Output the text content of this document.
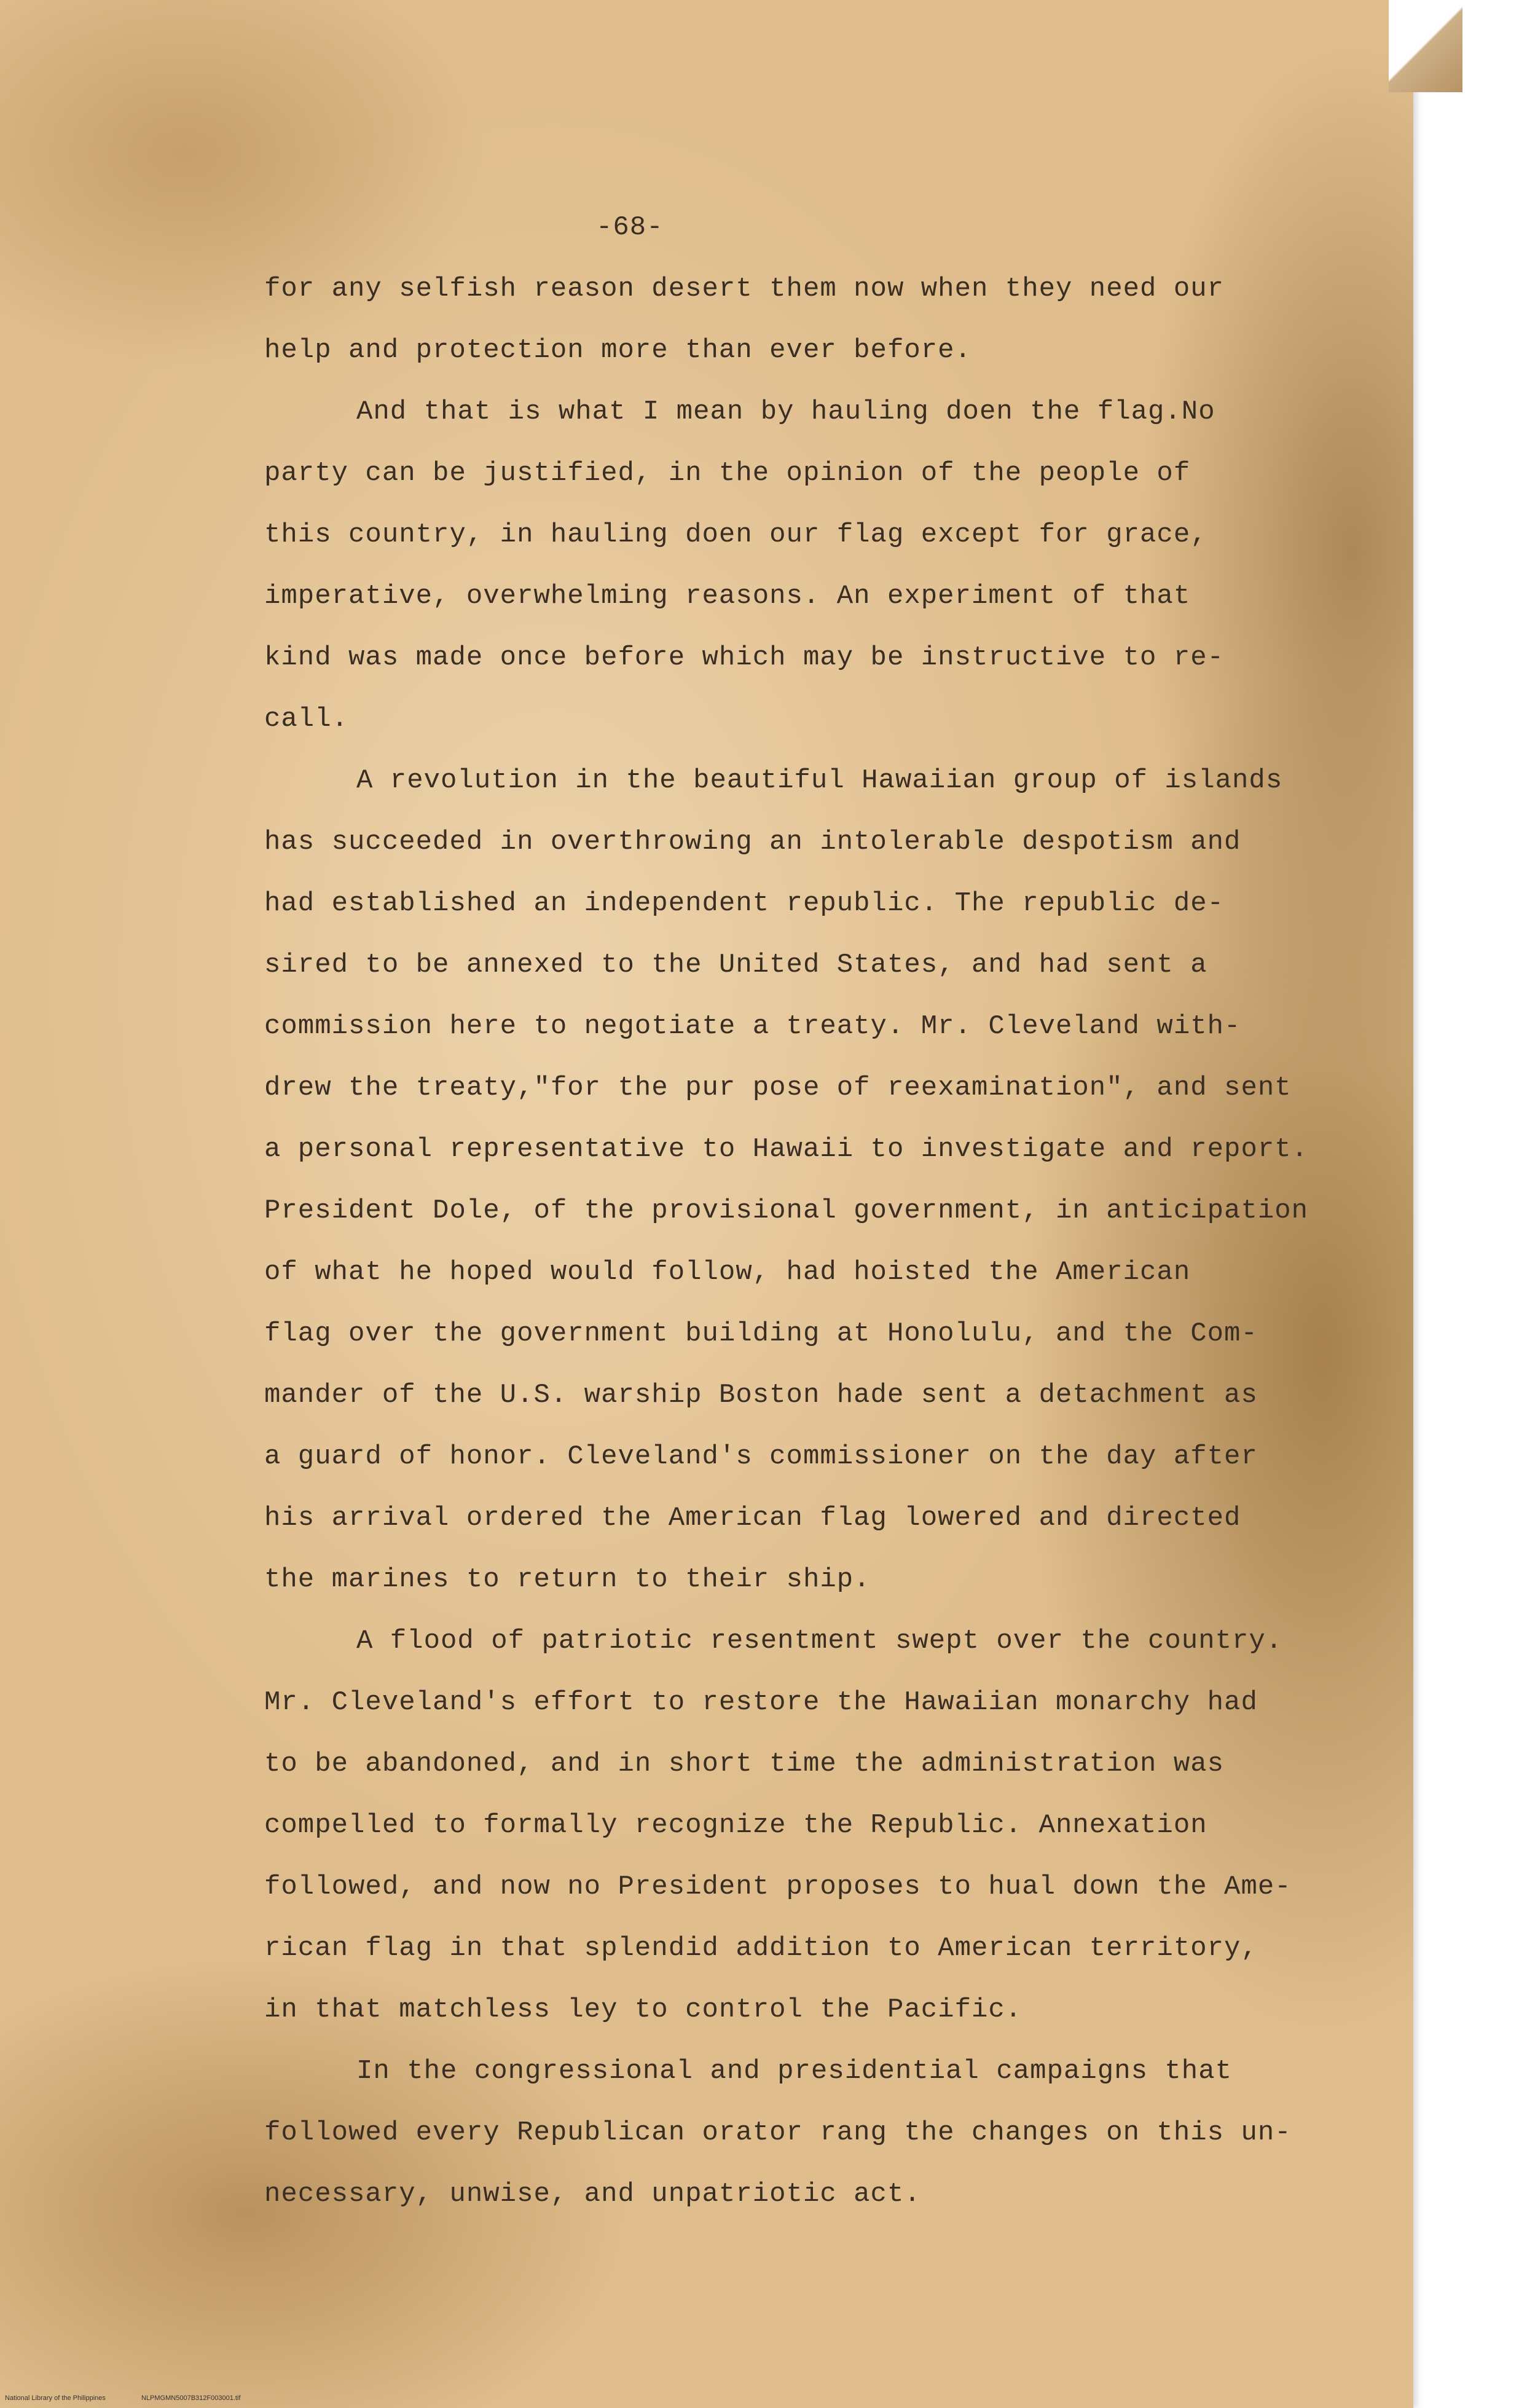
-68-
for any selfish reason desert them now when they need our
help and protection more than ever before.
And that is what I mean by hauling doen the flag.No
party can be justified, in the opinion of the people of
this country, in hauling doen our flag except for grace,
imperative, overwhelming reasons. An experiment of that
kind was made once before which may be instructive to re-
call.
A revolution in the beautiful Hawaiian group of islands
has succeeded in overthrowing an intolerable despotism and
had established an independent republic. The republic de-
sired to be annexed to the United States, and had sent a
commission here to negotiate a treaty. Mr. Cleveland with-
drew the treaty,"for the pur pose of reexamination", and sent
a personal representative to Hawaii to investigate and report.
President Dole, of the provisional government, in anticipation
of what he hoped would follow, had hoisted the American
flag over the government building at Honolulu, and the Com-
mander of the U.S. warship Boston hade sent a detachment as
a guard of honor. Cleveland's commissioner on the day after
his arrival ordered the American flag lowered and directed
the marines to return to their ship.
A flood of patriotic resentment swept over the country.
Mr. Cleveland's effort to restore the Hawaiian monarchy had
to be abandoned, and in short time the administration was
compelled to formally recognize the Republic. Annexation
followed, and now no President proposes to hual down the Ame-
rican flag in that splendid addition to American territory,
in that matchless ley to control the Pacific.
In the congressional and presidential campaigns that
followed every Republican orator rang the changes on this un-
necessary, unwise, and unpatriotic act.
National Library of the Philippines	NLPMGMN5007B312F003001.tif
